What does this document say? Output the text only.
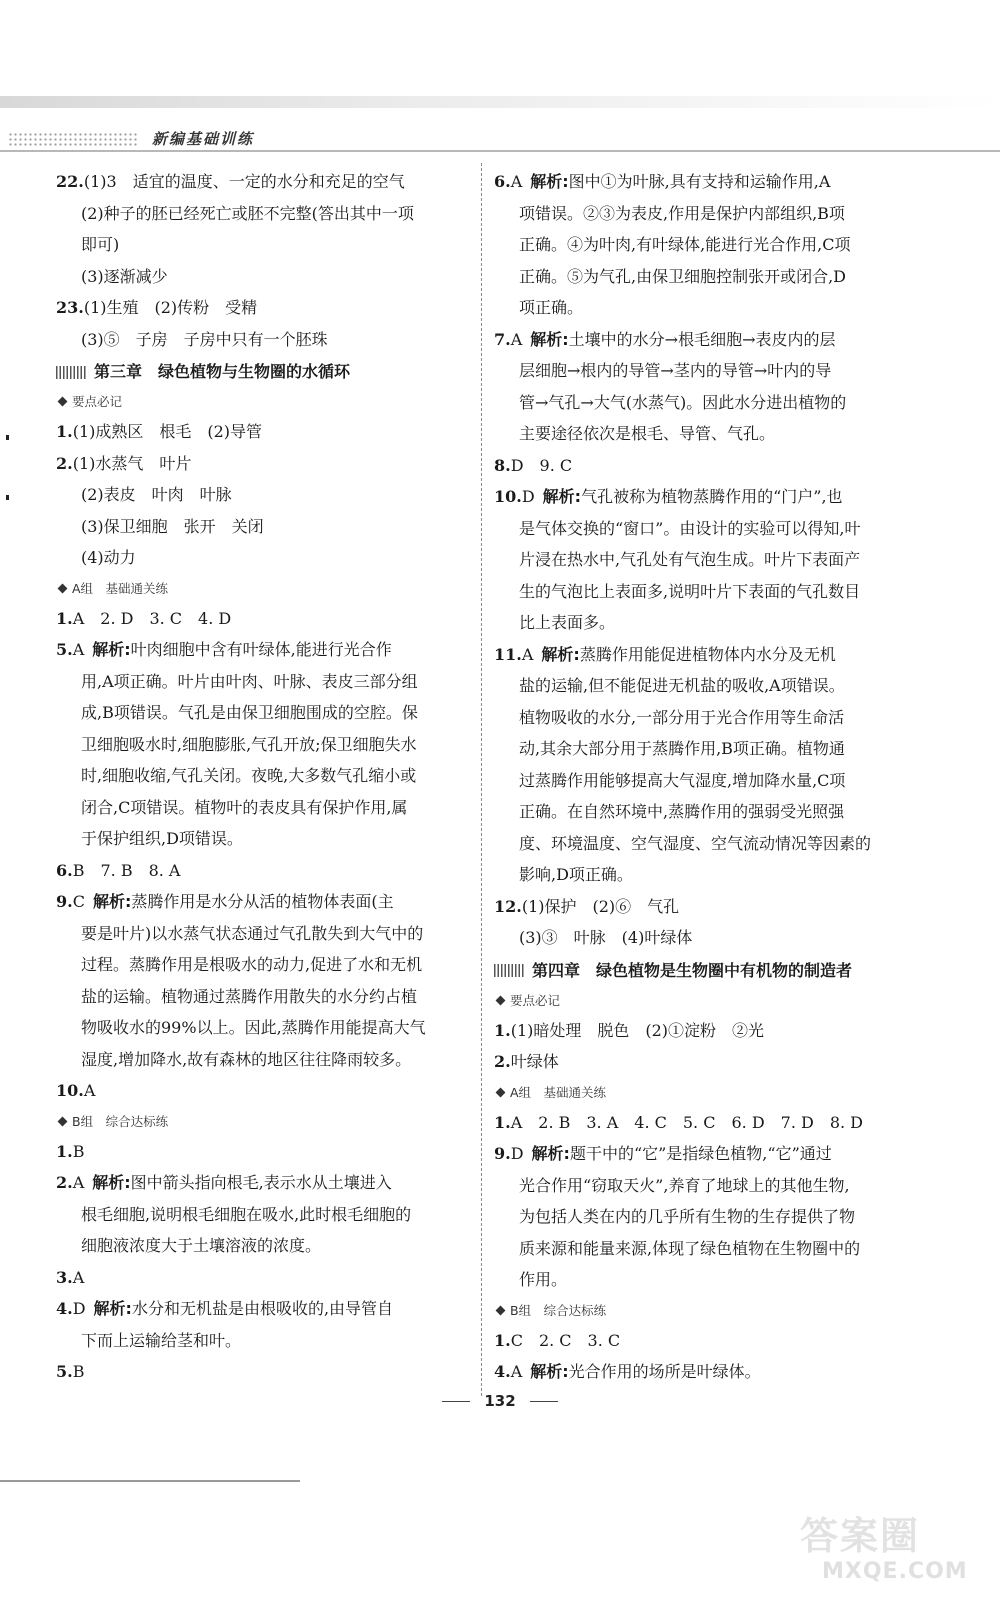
新编基础训练
22.(1)3　适宜的温度、一定的水分和充足的空气
(2)种子的胚已经死亡或胚不完整(答出其中一项
即可)
(3)逐渐减少
23.(1)生殖　(2)传粉　受精
(3)⑤　子房　子房中只有一个胚珠
第三章　绿色植物与生物圈的水循环
要点必记
1.(1)成熟区　根毛　(2)导管
2.(1)水蒸气　叶片
(2)表皮　叶肉　叶脉
(3)保卫细胞　张开　关闭
(4)动力
A组　基础通关练
1.A　2. D　3. C　4. D
5.A 解析:叶肉细胞中含有叶绿体,能进行光合作
用,A项正确。叶片由叶肉、叶脉、表皮三部分组
成,B项错误。气孔是由保卫细胞围成的空腔。保
卫细胞吸水时,细胞膨胀,气孔开放;保卫细胞失水
时,细胞收缩,气孔关闭。夜晚,大多数气孔缩小或
闭合,C项错误。植物叶的表皮具有保护作用,属
于保护组织,D项错误。
6.B　7. B　8. A
9.C 解析:蒸腾作用是水分从活的植物体表面(主
要是叶片)以水蒸气状态通过气孔散失到大气中的
过程。蒸腾作用是根吸水的动力,促进了水和无机
盐的运输。植物通过蒸腾作用散失的水分约占植
物吸收水的99%以上。因此,蒸腾作用能提高大气
湿度,增加降水,故有森林的地区往往降雨较多。
10.A
B组　综合达标练
1.B
2.A 解析:图中箭头指向根毛,表示水从土壤进入
根毛细胞,说明根毛细胞在吸水,此时根毛细胞的
细胞液浓度大于土壤溶液的浓度。
3.A
4.D 解析:水分和无机盐是由根吸收的,由导管自
下而上运输给茎和叶。
5.B
6.A 解析:图中①为叶脉,具有支持和运输作用,A
项错误。②③为表皮,作用是保护内部组织,B项
正确。④为叶肉,有叶绿体,能进行光合作用,C项
正确。⑤为气孔,由保卫细胞控制张开或闭合,D
项正确。
7.A 解析:土壤中的水分→根毛细胞→表皮内的层
层细胞→根内的导管→茎内的导管→叶内的导
管→气孔→大气(水蒸气)。因此水分进出植物的
主要途径依次是根毛、导管、气孔。
8.D　9. C
10.D 解析:气孔被称为植物蒸腾作用的“门户”,也
是气体交换的“窗口”。由设计的实验可以得知,叶
片浸在热水中,气孔处有气泡生成。叶片下表面产
生的气泡比上表面多,说明叶片下表面的气孔数目
比上表面多。
11.A 解析:蒸腾作用能促进植物体内水分及无机
盐的运输,但不能促进无机盐的吸收,A项错误。
植物吸收的水分,一部分用于光合作用等生命活
动,其余大部分用于蒸腾作用,B项正确。植物通
过蒸腾作用能够提高大气湿度,增加降水量,C项
正确。在自然环境中,蒸腾作用的强弱受光照强
度、环境温度、空气湿度、空气流动情况等因素的
影响,D项正确。
12.(1)保护　(2)⑥　气孔
(3)③　叶脉　(4)叶绿体
第四章　绿色植物是生物圈中有机物的制造者
要点必记
1.(1)暗处理　脱色　(2)①淀粉　②光
2.叶绿体
A组　基础通关练
1.A　2. B　3. A　4. C　5. C　6. D　7. D　8. D
9.D 解析:题干中的“它”是指绿色植物,“它”通过
光合作用“窃取天火”,养育了地球上的其他生物,
为包括人类在内的几乎所有生物的生存提供了物
质来源和能量来源,体现了绿色植物在生物圈中的
作用。
B组　综合达标练
1.C　2. C　3. C
4.A 解析:光合作用的场所是叶绿体。
132
答案圈
MXQE.COM
